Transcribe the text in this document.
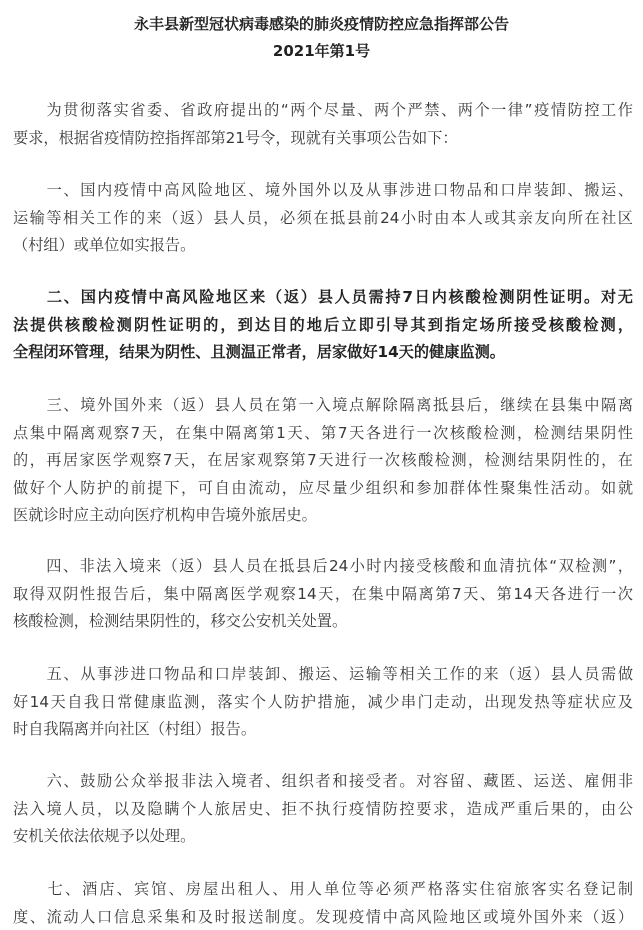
永丰县新型冠状病毒感染的肺炎疫情防控应急指挥部公告
2021年第1号
　　为贯彻落实省委、省政府提出的“两个尽量、两个严禁、两个一律”疫情防控工作
要求，根据省疫情防控指挥部第21号令，现就有关事项公告如下：
　　一、国内疫情中高风险地区、境外国外以及从事涉进口物品和口岸装卸、搬运、
运输等相关工作的来（返）县人员，必须在抵县前24小时由本人或其亲友向所在社区
（村组）或单位如实报告。
　　二、国内疫情中高风险地区来（返）县人员需持7日内核酸检测阴性证明。对无
法提供核酸检测阴性证明的，到达目的地后立即引导其到指定场所接受核酸检测，
全程闭环管理，结果为阴性、且测温正常者，居家做好14天的健康监测。
　　三、境外国外来（返）县人员在第一入境点解除隔离抵县后，继续在县集中隔离
点集中隔离观察7天，在集中隔离第1天、第7天各进行一次核酸检测，检测结果阴性
的，再居家医学观察7天，在居家观察第7天进行一次核酸检测，检测结果阴性的，在
做好个人防护的前提下，可自由流动，应尽量少组织和参加群体性聚集性活动。如就
医就诊时应主动向医疗机构申告境外旅居史。
　　四、非法入境来（返）县人员在抵县后24小时内接受核酸和血清抗体“双检测”，
取得双阴性报告后，集中隔离医学观察14天，在集中隔离第7天、第14天各进行一次
核酸检测，检测结果阴性的，移交公安机关处置。
　　五、从事涉进口物品和口岸装卸、搬运、运输等相关工作的来（返）县人员需做
好14天自我日常健康监测，落实个人防护措施，减少串门走动，出现发热等症状应及
时自我隔离并向社区（村组）报告。
　　六、鼓励公众举报非法入境者、组织者和接受者。对容留、藏匿、运送、雇佣非
法入境人员，以及隐瞒个人旅居史、拒不执行疫情防控要求，造成严重后果的，由公
安机关依法依规予以处理。
　　七、酒店、宾馆、房屋出租人、用人单位等必须严格落实住宿旅客实名登记制
度、流动人口信息采集和及时报送制度。发现疫情中高风险地区或境外国外来（返）
